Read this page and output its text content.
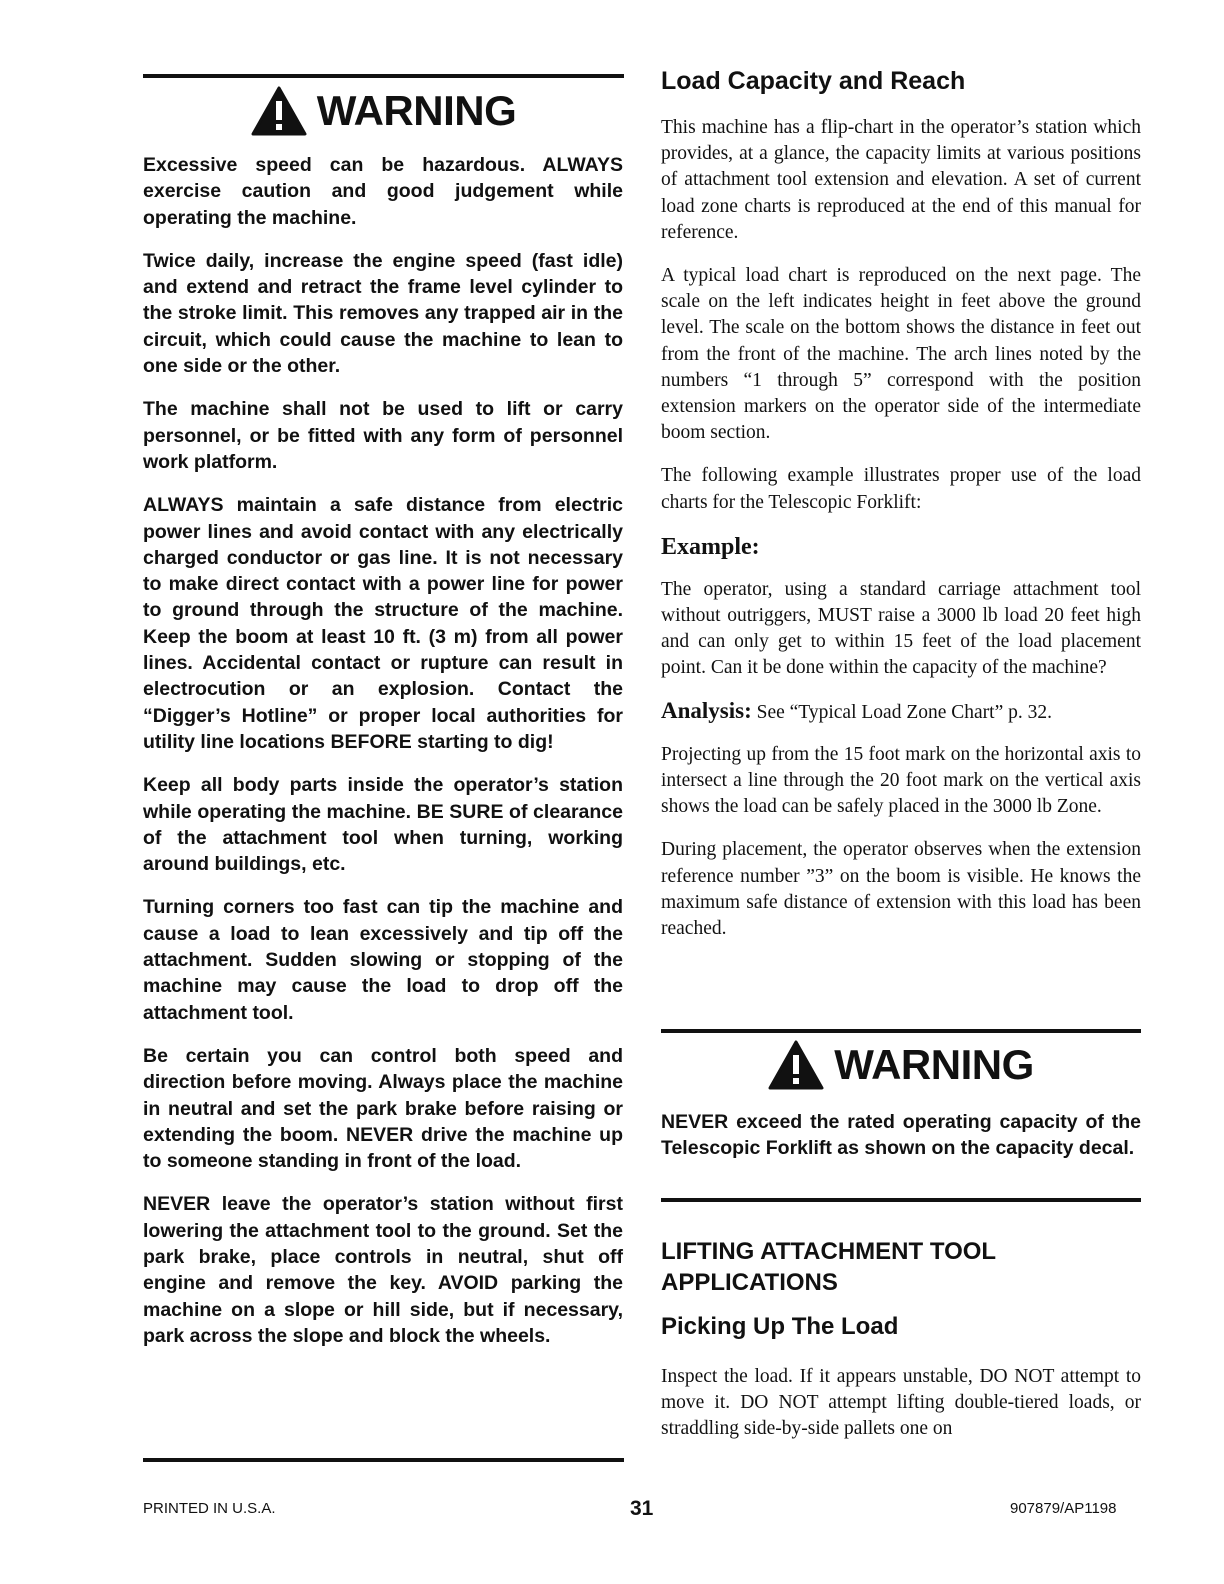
WARNING

Excessive speed can be hazardous. ALWAYS exercise caution and good judgement while operating the machine.

Twice daily, increase the engine speed (fast idle) and extend and retract the frame level cylinder to the stroke limit. This removes any trapped air in the circuit, which could cause the machine to lean to one side or the other.

The machine shall not be used to lift or carry personnel, or be fitted with any form of personnel work platform.

ALWAYS maintain a safe distance from electric power lines and avoid contact with any electrically charged conductor or gas line. It is not necessary to make direct contact with a power line for power to ground through the structure of the machine. Keep the boom at least 10 ft. (3 m) from all power lines. Accidental contact or rupture can result in electrocution or an explosion. Contact the “Digger’s Hotline” or proper local authorities for utility line locations BEFORE starting to dig!

Keep all body parts inside the operator’s station while operating the machine. BE SURE of clearance of the attachment tool when turning, working around buildings, etc.

Turning corners too fast can tip the machine and cause a load to lean excessively and tip off the attachment. Sudden slowing or stopping of the machine may cause the load to drop off the attachment tool.

Be certain you can control both speed and direction before moving. Always place the machine in neutral and set the park brake before raising or extending the boom. NEVER drive the machine up to someone standing in front of the load.

NEVER leave the operator’s station without first lowering the attachment tool to the ground. Set the park brake, place controls in neutral, shut off engine and remove the key. AVOID parking the machine on a slope or hill side, but if necessary, park across the slope and block the wheels.

Load Capacity and Reach

This machine has a flip-chart in the operator’s station which provides, at a glance, the capacity limits at various positions of attachment tool extension and elevation. A set of current load zone charts is reproduced at the end of this manual for reference.

A typical load chart is reproduced on the next page. The scale on the left indicates height in feet above the ground level. The scale on the bottom shows the distance in feet out from the front of the machine. The arch lines noted by the numbers “1 through 5” correspond with the position extension markers on the operator side of the intermediate boom section.

The following example illustrates proper use of the load charts for the Telescopic Forklift:

Example:

The operator, using a standard carriage attachment tool without outriggers, MUST raise a 3000 lb load 20 feet high and can only get to within 15 feet of the load placement point. Can it be done within the capacity of the machine?

Analysis: See “Typical Load Zone Chart” p. 32.

Projecting up from the 15 foot mark on the horizontal axis to intersect a line through the 20 foot mark on the vertical axis shows the load can be safely placed in the 3000 lb Zone.

During placement, the operator observes when the extension reference number ”3” on the boom is visible. He knows the maximum safe distance of extension with this load has been reached.

WARNING

NEVER exceed the rated operating capacity of the Telescopic Forklift as shown on the capacity decal.

LIFTING ATTACHMENT TOOL
APPLICATIONS
Picking Up The Load

Inspect the load. If it appears unstable, DO NOT attempt to move it. DO NOT attempt lifting double-tiered loads, or straddling side-by-side pallets one on

PRINTED IN U.S.A.	31	907879/AP1198
